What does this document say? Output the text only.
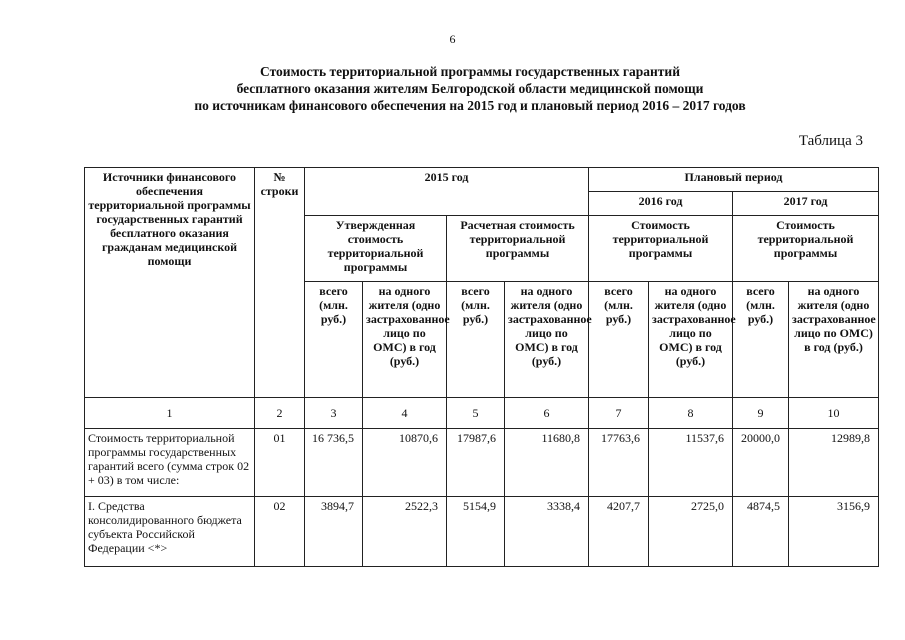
6
Стоимость территориальной программы государственных гарантий
бесплатного оказания жителям Белгородской области медицинской помощи
по источникам финансового обеспечения на 2015 год и плановый период 2016 – 2017 годов
Таблица 3
Источники финансового обеспечения территориальной программы государственных гарантий бесплатного оказания гражданам медицинской помощи	№ строки	2015 год				Плановый период			
						2016 год		2017 год	
		Утвержденная стоимость территориальной программы		Расчетная стоимость территориальной программы		Стоимость территориальной программы		Стоимость территориальной программы	
		всего (млн. руб.)	на одного жителя (одно застрахованное лицо по ОМС) в год (руб.)	всего (млн. руб.)	на одного жителя (одно застрахованное лицо по ОМС) в год (руб.)	всего (млн. руб.)	на одного жителя (одно застрахованное лицо по ОМС) в год (руб.)	всего (млн. руб.)	на одного жителя (одно застрахованное лицо по ОМС) в год (руб.)
1	2	3	4	5	6	7	8	9	10
Стоимость территориальной программы государственных гарантий всего (сумма строк 02 + 03) в том числе:	01	16 736,5	10870,6	17987,6	11680,8	17763,6	11537,6	20000,0	12989,8
I. Средства консолидированного бюджета субъекта Российской Федерации <*>	02	3894,7	2522,3	5154,9	3338,4	4207,7	2725,0	4874,5	3156,9
